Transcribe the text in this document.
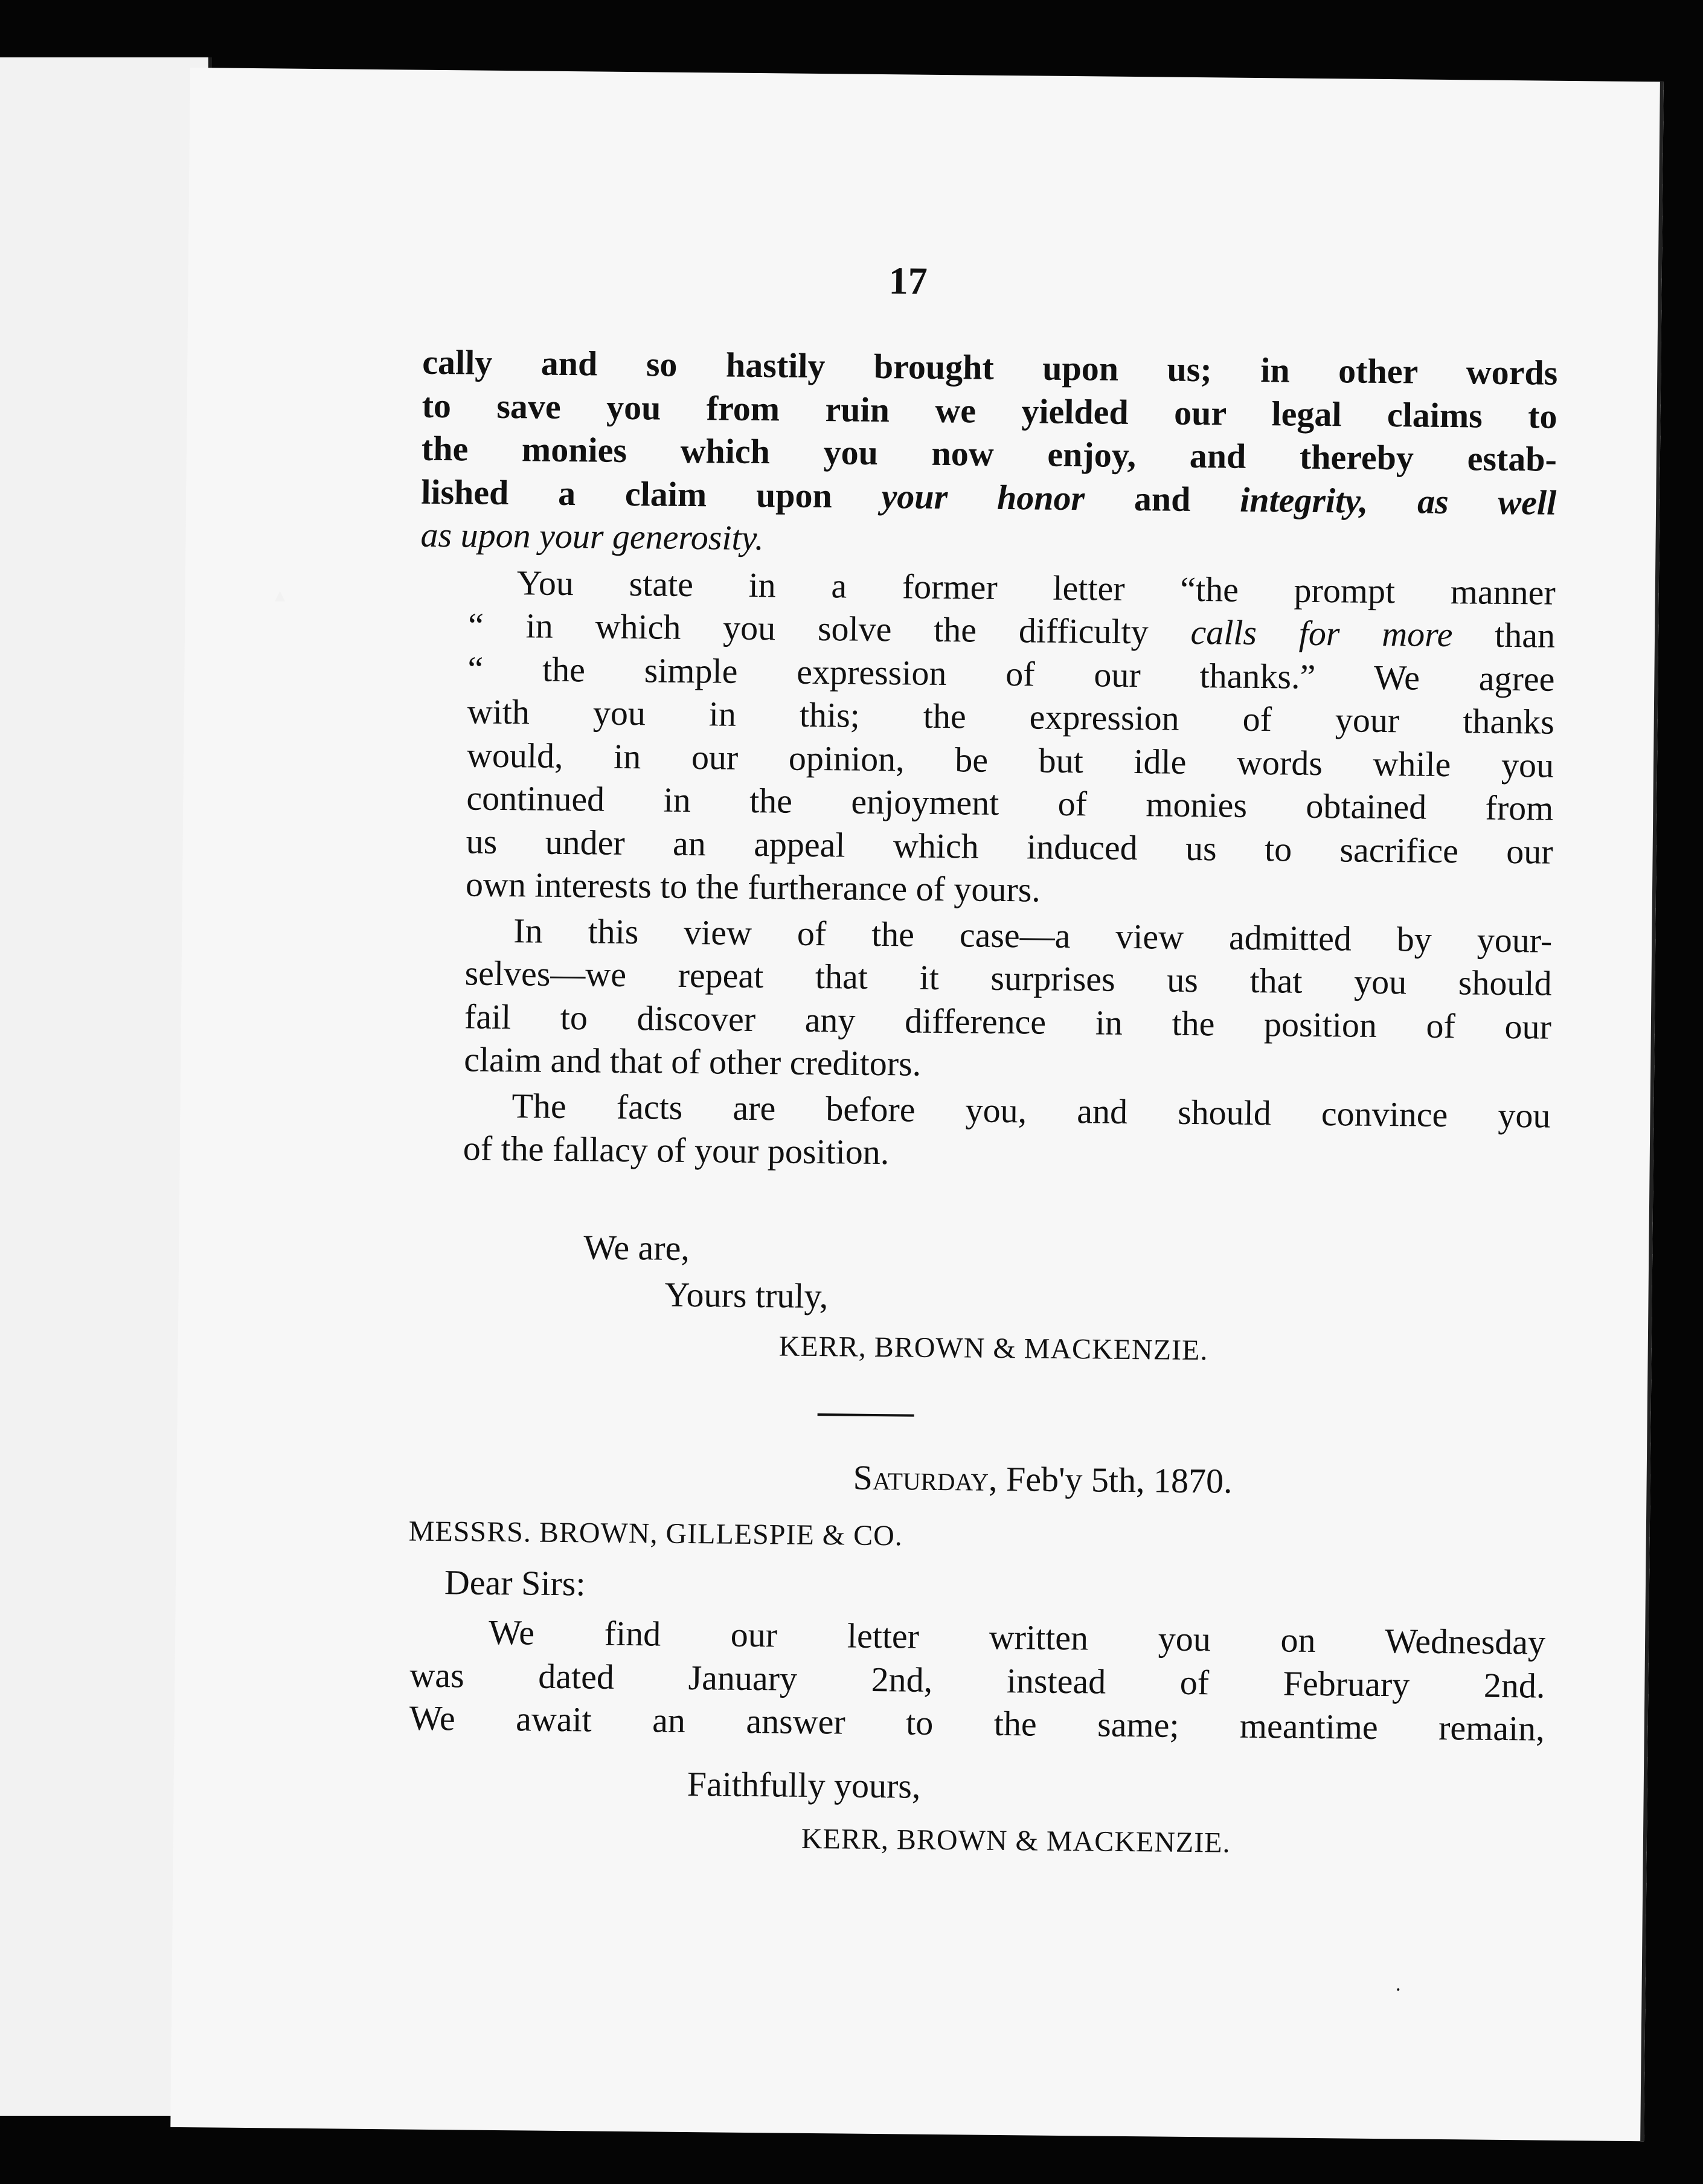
17

cally and so hastily brought upon us; in other words
to save you from ruin we yielded our legal claims to
the monies which you now enjoy, and thereby estab-
lished a claim upon your honor and integrity, as well
as upon your generosity.

You state in a former letter “the prompt manner
“ in which you solve the difficulty calls for more than
“ the simple expression of our thanks.” We agree
with you in this; the expression of your thanks
would, in our opinion, be but idle words while you
continued in the enjoyment of monies obtained from
us under an appeal which induced us to sacrifice our
own interests to the furtherance of yours.

In this view of the case—a view admitted by your-
selves—we repeat that it surprises us that you should
fail to discover any difference in the position of our
claim and that of other creditors.

The facts are before you, and should convince you
of the fallacy of your position.

We are,
Yours truly,
KERR, BROWN & MACKENZIE.
Saturday, Feb'y 5th, 1870.
MESSRS. BROWN, GILLESPIE & CO.
Dear Sirs:

We find our letter written you on Wednesday
was dated January 2nd, instead of February 2nd.
We await an answer to the same; meantime remain,

Faithfully yours,
KERR, BROWN & MACKENZIE.
·
›	▴
‹
